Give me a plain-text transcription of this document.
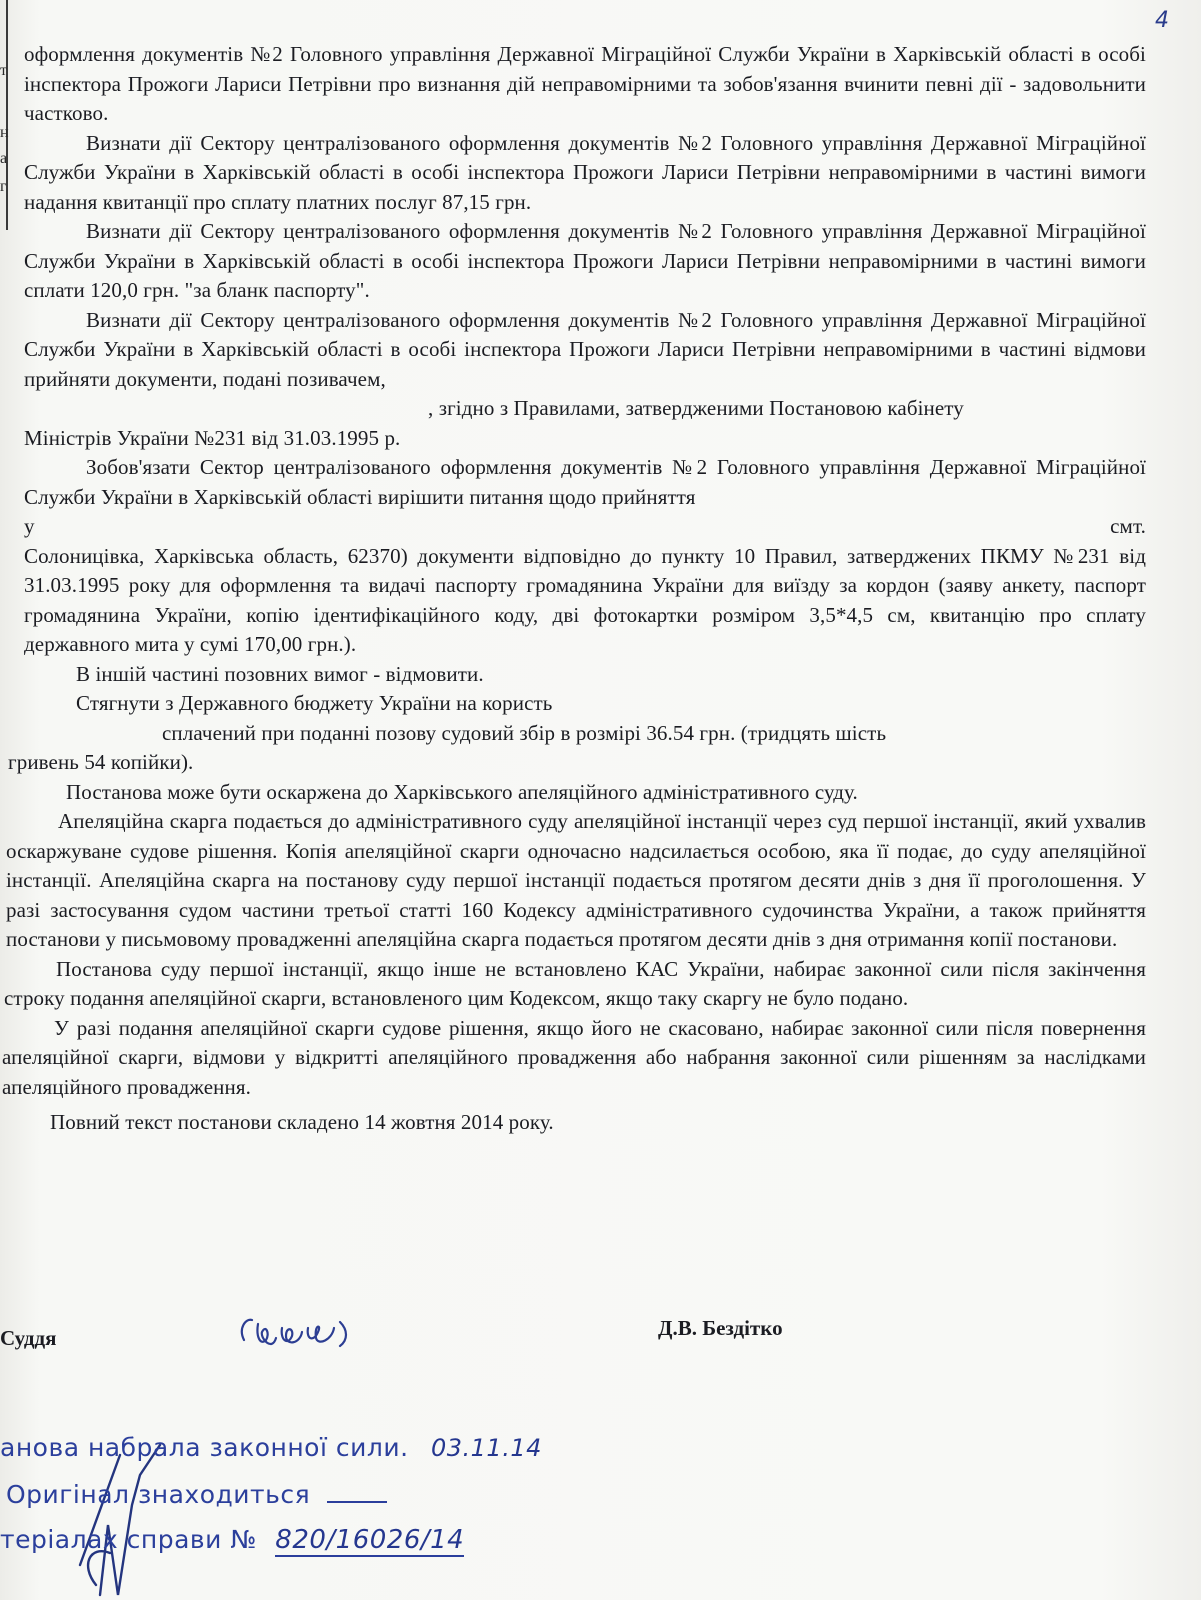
т
н
а
г
4

оформлення документів №2 Головного управління Державної Міграційної Служби України в Харківській області в особі інспектора Прожоги Лариси Петрівни про визнання дій неправомірними та зобов'язання вчинити певні дії - задовольнити частково.

Визнати дії Сектору централізованого оформлення документів №2 Головного управління Державної Міграційної Служби України в Харківській області в особі інспектора Прожоги Лариси Петрівни неправомірними в частині вимоги надання квитанції про сплату платних послуг 87,15 грн.

Визнати дії Сектору централізованого оформлення документів №2 Головного управління Державної Міграційної Служби України в Харківській області в особі інспектора Прожоги Лариси Петрівни неправомірними в частині вимоги сплати 120,0 грн. "за бланк паспорту".

Визнати дії Сектору централізованого оформлення документів №2 Головного управління Державної Міграційної Служби України в Харківській області в особі інспектора Прожоги Лариси Петрівни неправомірними в частині відмови прийняти документи, подані позивачем,

, згідно з Правилами, затвердженими Постановою кабінету

Міністрів України №231 від 31.03.1995 р.

Зобов'язати Сектор централізованого оформлення документів №2 Головного управління Державної Міграційної Служби України в Харківській області вирішити питання щодо прийняття

у	смт.

Солоницівка, Харківська область, 62370) документи відповідно до пункту 10 Правил, затверджених ПКМУ №231 від 31.03.1995 року для оформлення та видачі паспорту громадянина України для виїзду за кордон (заяву анкету, паспорт громадянина України, копію ідентифікаційного коду, дві фотокартки розміром 3,5*4,5 см, квитанцію про сплату державного мита у сумі 170,00 грн.).

В іншій частині позовних вимог - відмовити.

Стягнути з Державного бюджету України на користь

сплачений при поданні позову судовий збір в розмірі 36.54 грн. (тридцять шість

гривень 54 копійки).

Постанова може бути оскаржена до Харківського апеляційного адміністративного суду.

Апеляційна скарга подається до адміністративного суду апеляційної інстанції через суд першої інстанції, який ухвалив оскаржуване судове рішення. Копія апеляційної скарги одночасно надсилається особою, яка її подає, до суду апеляційної інстанції. Апеляційна скарга на постанову суду першої інстанції подається протягом десяти днів з дня її проголошення. У разі застосування судом частини третьої статті 160 Кодексу адміністративного судочинства України, а також прийняття постанови у письмовому провадженні апеляційна скарга подається протягом десяти днів з дня отримання копії постанови.

Постанова суду першої інстанції, якщо інше не встановлено КАС України, набирає законної сили після закінчення строку подання апеляційної скарги, встановленого цим Кодексом, якщо таку скаргу не було подано.

У разі подання апеляційної скарги судове рішення, якщо його не скасовано, набирає законної сили після повернення апеляційної скарги, відмови у відкритті апеляційного провадження або набрання законної сили рішенням за наслідками апеляційного провадження.

Повний текст постанови складено 14 жовтня 2014 року.

Суддя	Д.В. Бездітко
анова набрала законної сили. 03.11.14
Оригінал знаходиться
теріалах справи № 820/16026/14
